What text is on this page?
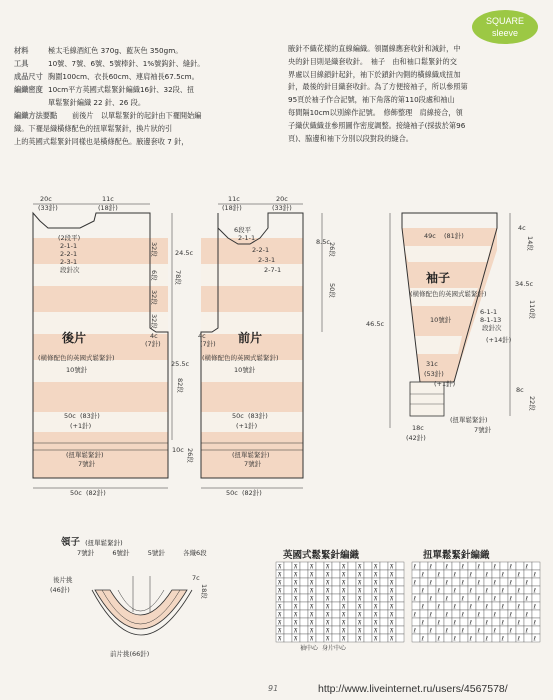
SQUARE
sleeve
材料	極太毛線酒紅色 370g、藍灰色 350gm。
工具	10號、7號、6號、5號棒針、1%號鈎針、縫針。
成品尺寸 胸圍100cm、衣長60cm、連肩袖長67.5cm。
編織密度 10cm平方英國式鬆緊針編織16針、32段、扭
單鬆緊針編織 22 針、26 段。
編織方法要點	前後片　以單鬆緊針的起針由下襬開始編
織。下襬是織橫條配色的扭單鬆緊針，換片狀的引
上的英國式鬆緊針同樣也是橫條配色。腋邊套收 7 針，
腋針不織花樣的直線編織。領圍線應套收針和減針，中
央的針目則是織套收針。　袖子　由和袖口鬆緊針的交
界處以目線鎖針起針，袖下於鎖針內側的橫線織成扭加
針，最後的針目織套收針。為了方便接袖子，所以參照第
95頁於袖子作合記號，袖下角落的第110段處和袖山
每間隔10cm以別線作記號。　修飾整理　肩線接合，領
子織伏織織並參照圖作密度調整。接縫袖子(採拔於第96
頁)、脇邊和袖下分別以段對段的縫合。
20c
(33針)
11c
(18針)
(2段平)
2-1-1
2-2-1
2-3-1
段針次
32段
6段
32段
32段
24.5c
78段
4c
(7針)
25.5c
82段
後片
(橫條配色的英國式鬆緊針)
10號針
50c (83針)
(+1針)
(扭單鬆緊針)
7號針
10c 26段
50c (82針)
11c
(18針)
20c
(33針)
6段平
2-1-1
2-2-1
2-3-1
2-7-1
8.5c
26段
50段
4c
(7針) 前片
(橫條配色的英國式鬆緊針)
10號針
50c (83針)
(+1針)
(扭單鬆緊針)
7號針
50c (82針)
49c (81針)
4c
14段
34.5c
110段
46.5c
袖子
(橫條配色的英國式鬆緊針)
10號針
6-1-1
8-1-13
段針次
(+14針)
31c
(53針)
(+1針)
(扭單鬆緊針)
7號針
18c
(42針)
8c
22段
後片挑
(46針)
7c
18段
前片挑(66針)
⊼ ⊼ ⊼ ⊼ ⊼ ⊼ ⊼ ⊼
⊼ ⊼ ⊼ ⊼ ⊼ ⊼ ⊼ ⊼
⊼ ⊼ ⊼ ⊼ ⊼ ⊼ ⊼ ⊼
⊼ ⊼ ⊼ ⊼ ⊼ ⊼ ⊼ ⊼
⊼ ⊼ ⊼ ⊼ ⊼ ⊼ ⊼ ⊼
⊼ ⊼ ⊼ ⊼ ⊼ ⊼ ⊼ ⊼
⊼ ⊼ ⊼ ⊼ ⊼ ⊼ ⊼ ⊼
⊼ ⊼ ⊼ ⊼ ⊼ ⊼ ⊼ ⊼
⊼ ⊼ ⊼ ⊼ ⊼ ⊼ ⊼ ⊼
⊼ ⊼ ⊼ ⊼ ⊼ ⊼ ⊼ ⊼
袖中心 身片中心
ℓ ℓ ℓ ℓ ℓ ℓ ℓ ℓ
ℓ ℓ ℓ ℓ ℓ ℓ ℓ ℓ
ℓ ℓ ℓ ℓ ℓ ℓ ℓ ℓ
ℓ ℓ ℓ ℓ ℓ ℓ ℓ ℓ
ℓ ℓ ℓ ℓ ℓ ℓ ℓ ℓ
ℓ ℓ ℓ ℓ ℓ ℓ ℓ ℓ
ℓ ℓ ℓ ℓ ℓ ℓ ℓ ℓ
ℓ ℓ ℓ ℓ ℓ ℓ ℓ ℓ
ℓ ℓ ℓ ℓ ℓ ℓ ℓ ℓ
ℓ ℓ ℓ ℓ ℓ ℓ ℓ ℓ
領子 (扭單鬆緊針)
7號針	6號針	5號針	各織6段	英國式鬆緊針編織	扭單鬆緊針編織
91	http://www.liveinternet.ru/users/4567578/
